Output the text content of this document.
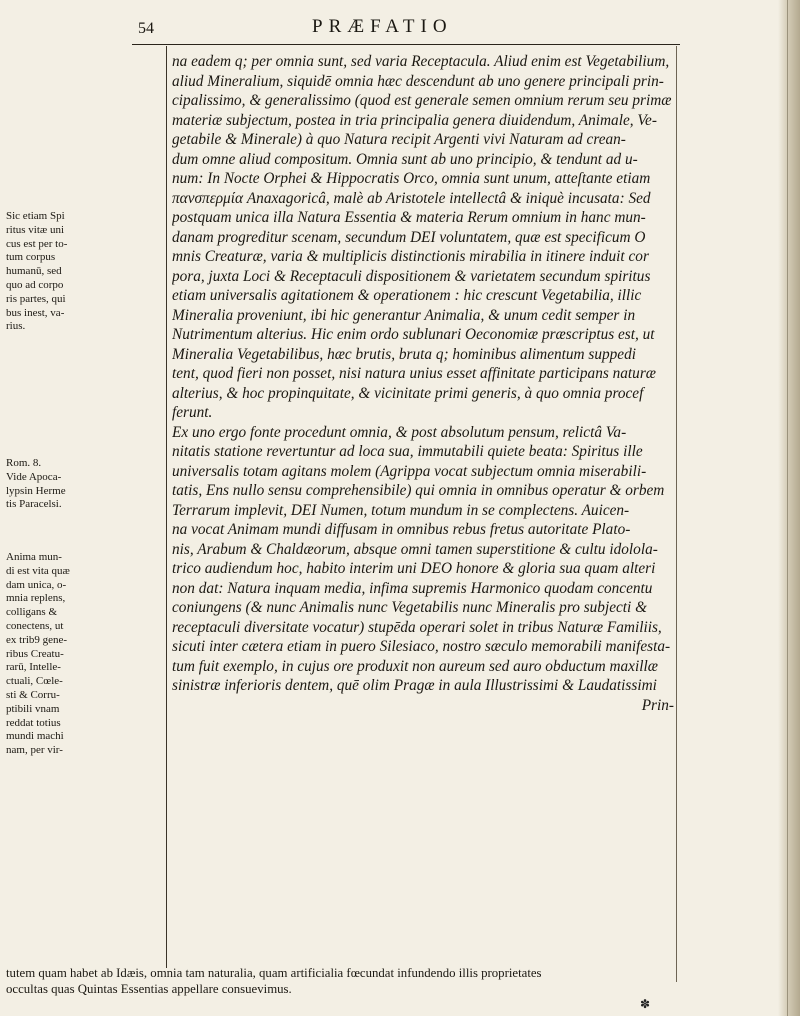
54	PRÆFATIO
na eadem q; per omnia sunt, sed varia Receptacula. Aliud enim est Vegetabilium,
aliud Mineralium, siquidē omnia hæc descendunt ab uno genere principali prin-
cipalissimo, & generalissimo (quod est generale semen omnium rerum seu primæ
materiæ subjectum, postea in tria principalia genera diuidendum, Animale, Ve-
getabile & Minerale) à quo Natura recipit Argenti vivi Naturam ad crean-
dum omne aliud compositum. Omnia sunt ab uno principio, & tendunt ad u-
num: In Nocte Orphei & Hippocratis Orco, omnia sunt unum, atteſtante etiam
πανσπερμία Anaxagoricâ, malè ab Aristotele intellectâ & iniquè incusata: Sed
postquam unica illa Natura Essentia & materia Rerum omnium in hanc mun-
danam progreditur scenam, secundum DEI voluntatem, quæ est specificum O
mnis Creaturæ, varia & multiplicis distinctionis mirabilia in itinere induit cor
pora, juxta Loci & Receptaculi dispositionem & varietatem secundum spiritus
etiam universalis agitationem & operationem : hic crescunt Vegetabilia, illic
Mineralia proveniunt, ibi hic generantur Animalia, & unum cedit semper in
Nutrimentum alterius. Hic enim ordo sublunari Oeconomiæ præscriptus est, ut
Mineralia Vegetabilibus, hæc brutis, bruta q; hominibus alimentum suppedi
tent, quod fieri non posset, nisi natura unius esset affinitate participans naturæ
alterius, & hoc propinquitate, & vicinitate primi generis, à quo omnia procef
ferunt.
Ex uno ergo fonte procedunt omnia, & post absolutum pensum, relictâ Va-
nitatis statione revertuntur ad loca sua, immutabili quiete beata: Spiritus ille
universalis totam agitans molem (Agrippa vocat subjectum omnia miserabili-
tatis, Ens nullo sensu comprehensibile) qui omnia in omnibus operatur & orbem
Terrarum implevit, DEI Numen, totum mundum in se complectens. Auicen-
na vocat Animam mundi diffusam in omnibus rebus fretus autoritate Plato-
nis, Arabum & Chaldæorum, absque omni tamen superstitione & cultu idolola-
trico audiendum hoc, habito interim uni DEO honore & gloria sua quam alteri
non dat: Natura inquam media, infima supremis Harmonico quodam concentu
coniungens (& nunc Animalis nunc Vegetabilis nunc Mineralis pro subjecti &
receptaculi diversitate vocatur) stupēda operari solet in tribus Naturæ Familiis,
sicuti inter cætera etiam in puero Silesiaco, nostro sæculo memorabili manifesta-
tum fuit exemplo, in cujus ore produxit non aureum sed auro obductum maxillæ
sinistræ inferioris dentem, quē olim Pragæ in aula Illustrissimi & Laudatissimi
Prin-
Sic etiam Spi
ritus vitæ uni
cus est per to-
tum corpus
humanū, sed
quo ad corpo
ris partes, qui
bus inest, va-
rius.
Rom. 8.
Vide Apoca-
lypsin Herme
tis Paracelsi.
Anima mun-
di est vita quæ
dam unica, o-
mnia replens,
colligans &
conectens, ut
ex trib9 gene-
ribus Creatu-
rarū, Intelle-
ctuali, Cœle-
sti & Corru-
ptibili vnam
reddat totius
mundi machi
nam, per vir-
tutem quam habet ab Idæis, omnia tam naturalia, quam artificialia fœcundat infundendo illis proprietates
occultas quas Quintas Essentias appellare consuevimus.
✽
